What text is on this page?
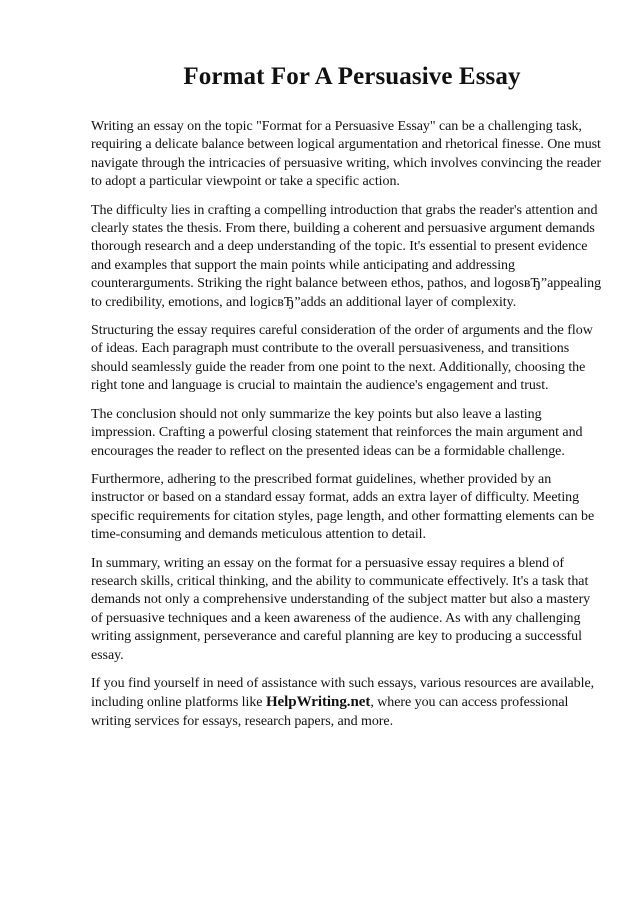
Format For A Persuasive Essay

Writing an essay on the topic "Format for a Persuasive Essay" can be a challenging task, requiring a delicate balance between logical argumentation and rhetorical finesse. One must navigate through the intricacies of persuasive writing, which involves convincing the reader to adopt a particular viewpoint or take a specific action.

The difficulty lies in crafting a compelling introduction that grabs the reader's attention and clearly states the thesis. From there, building a coherent and persuasive argument demands thorough research and a deep understanding of the topic. It's essential to present evidence and examples that support the main points while anticipating and addressing counterarguments. Striking the right balance between ethos, pathos, and logosвЂ”appealing to credibility, emotions, and logicвЂ”adds an additional layer of complexity.

Structuring the essay requires careful consideration of the order of arguments and the flow of ideas. Each paragraph must contribute to the overall persuasiveness, and transitions should seamlessly guide the reader from one point to the next. Additionally, choosing the right tone and language is crucial to maintain the audience's engagement and trust.

The conclusion should not only summarize the key points but also leave a lasting impression. Crafting a powerful closing statement that reinforces the main argument and encourages the reader to reflect on the presented ideas can be a formidable challenge.

Furthermore, adhering to the prescribed format guidelines, whether provided by an instructor or based on a standard essay format, adds an extra layer of difficulty. Meeting specific requirements for citation styles, page length, and other formatting elements can be time-consuming and demands meticulous attention to detail.

In summary, writing an essay on the format for a persuasive essay requires a blend of research skills, critical thinking, and the ability to communicate effectively. It's a task that demands not only a comprehensive understanding of the subject matter but also a mastery of persuasive techniques and a keen awareness of the audience. As with any challenging writing assignment, perseverance and careful planning are key to producing a successful essay.

If you find yourself in need of assistance with such essays, various resources are available, including online platforms like HelpWriting.net, where you can access professional writing services for essays, research papers, and more.
